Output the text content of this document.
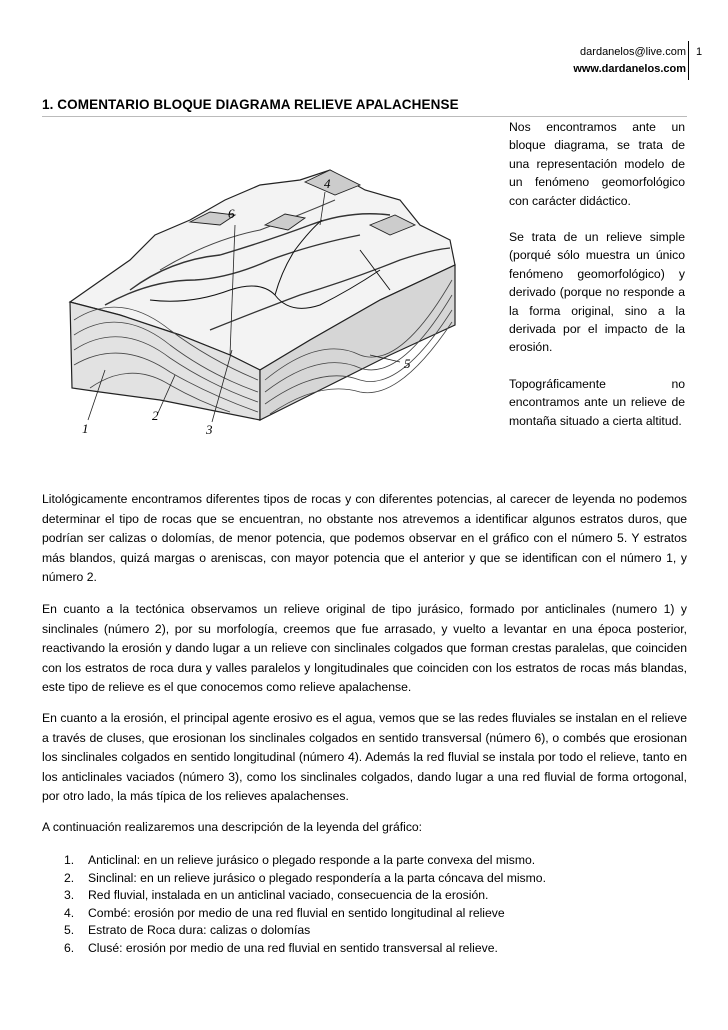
dardanelos@live.com
www.dardanelos.com
1
1. COMENTARIO BLOQUE DIAGRAMA RELIEVE APALACHENSE
1
2
3
4
5
6

Nos encontramos ante un bloque diagrama, se trata de una representación modelo de un fenómeno geomorfológico con carácter didáctico.

Se trata de un relieve simple (porqué sólo muestra un único fenómeno geomorfológico) y derivado (porque no responde a la forma original, sino a la derivada por el impacto de la erosión.

Topográficamente no encontramos ante un relieve de montaña situado a cierta altitud.

Litológicamente encontramos diferentes tipos de rocas y con diferentes potencias, al carecer de leyenda no podemos determinar el tipo de rocas que se encuentran, no obstante nos atrevemos a identificar algunos estratos duros, que podrían ser calizas o dolomías, de menor potencia, que podemos observar en el gráfico con el número 5. Y estratos más blandos, quizá margas o areniscas, con mayor potencia que el anterior y que se identifican con el número 1, y número 2.
En cuanto a la tectónica observamos un relieve original de tipo jurásico, formado por anticlinales (numero 1) y sinclinales (número 2), por su morfología, creemos que fue arrasado, y vuelto a levantar en una época posterior, reactivando la erosión y dando lugar a un relieve con sinclinales colgados que forman crestas paralelas, que coinciden con los estratos de roca dura y valles paralelos y longitudinales que coinciden con los estratos de rocas más blandas, este tipo de relieve es el que conocemos como relieve apalachense.
En cuanto a la erosión, el principal agente erosivo es el agua, vemos que se las redes fluviales se instalan en el relieve a través de cluses, que erosionan los sinclinales colgados en sentido transversal (número 6), o combés que erosionan los sinclinales colgados en sentido longitudinal (número 4). Además la red fluvial se instala por todo el relieve, tanto en los anticlinales vaciados (número 3), como los sinclinales colgados, dando lugar a una red fluvial de forma ortogonal, por otro lado, la más típica de los relieves apalachenses.
A continuación realizaremos una descripción de la leyenda del gráfico:
1. Anticlinal: en un relieve jurásico o plegado responde a la parte convexa del mismo.
2. Sinclinal: en un relieve jurásico o plegado respondería a la parta cóncava del mismo.
3. Red fluvial, instalada en un anticlinal vaciado, consecuencia de la erosión.
4. Combé: erosión por medio de una red fluvial en sentido longitudinal al relieve
5. Estrato de Roca dura: calizas o dolomías
6. Clusé: erosión por medio de una red fluvial en sentido transversal al relieve.
